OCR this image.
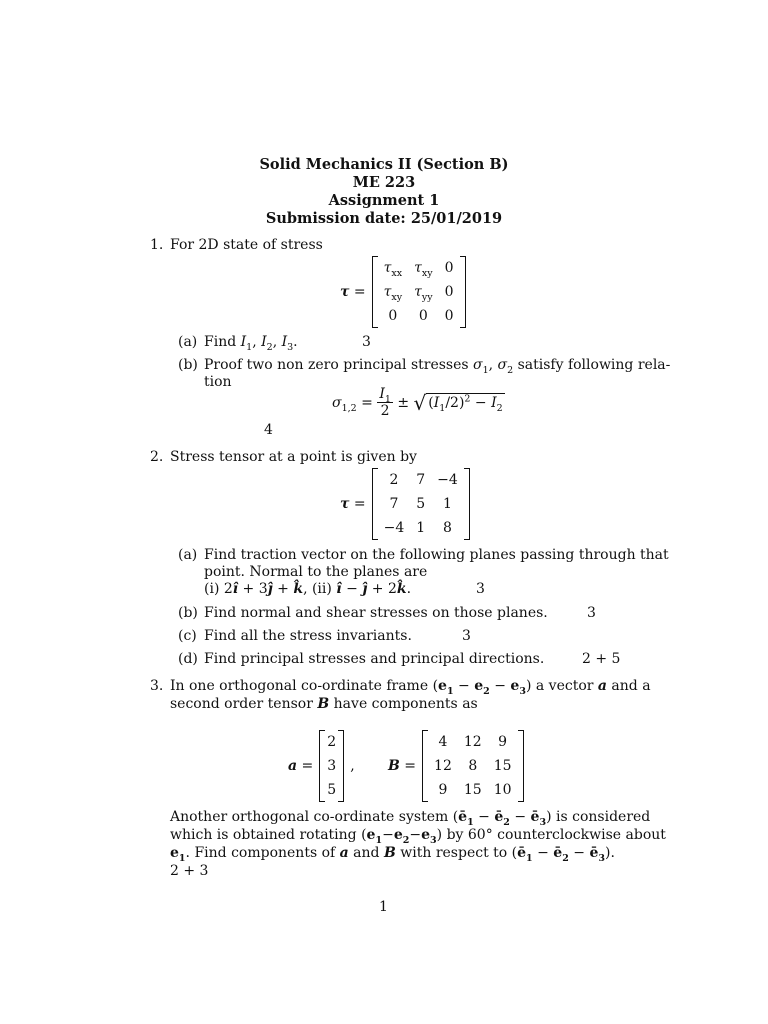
Solid Mechanics II (Section B)
ME 223
Assignment 1
Submission date: 25/01/2019
1. For 2D state of stress
τ =
$\tau_{xx}$	$\tau_{xy}$	0
$\tau_{xy}$	$\tau_{yy}$	0
0	0	0
(a) Find $I_1$, $I_2$, $I_3$.	3
(b) Proof two non zero principal stresses $\sigma_1$, $\sigma_2$ satisfy following rela-
tion
$\sigma_{1,2} = \frac{I_1}{2}$ ± √ $(I_1/2)^2 - I_2$
4
2. Stress tensor at a point is given by
τ =
2	7	−4
7	5	1
−4	1	8
(a) Find traction vector on the following planes passing through that
point. Normal to the planes are
(i) 2î + 3ĵ + k̂, (ii) î − ĵ + 2k̂.	3
(b) Find normal and shear stresses on those planes.	3
(c) Find all the stress invariants.	3
(d) Find principal stresses and principal directions.	2 + 5
3. In one orthogonal co-ordinate frame $(e_1 - e_2 - e_3)$ a vector a and a
second order tensor B have components as
a =
2
3
5
, B =
4	12	9
12	8	15
9	15	10
Another orthogonal co-ordinate system ($ē_1$ − $ē_2$ − $ē_3$) is considered
which is obtained rotating $(e_1-e_2-e_3)$ by 60° counterclockwise about
$e_1$. Find components of a and B with respect to ($ē_1$ − $ē_2$ − $ē_3$).
2 + 3
1
